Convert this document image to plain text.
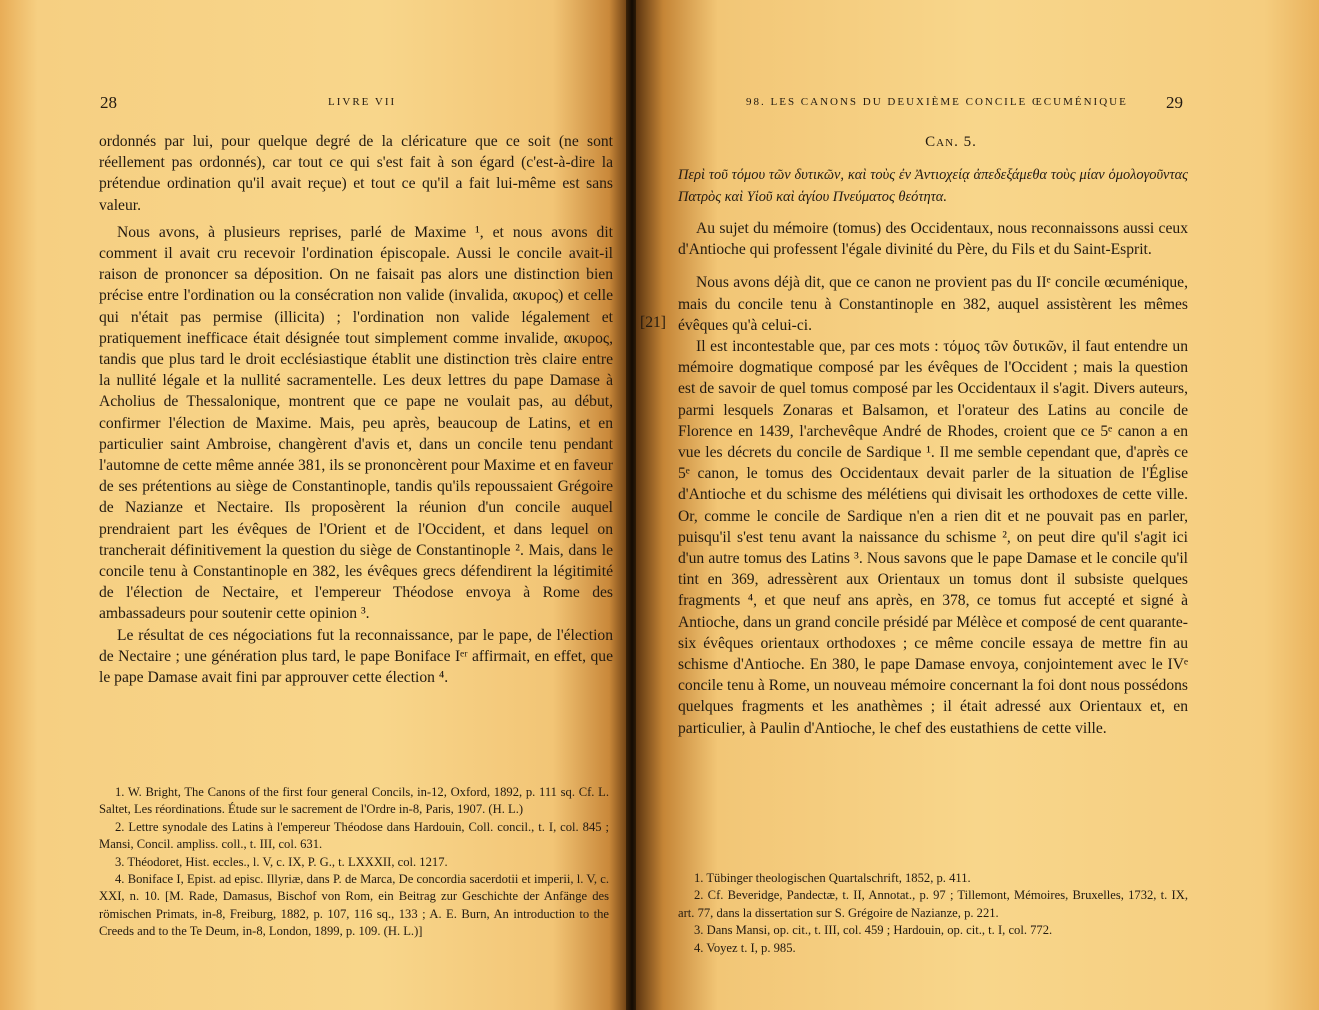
28	LIVRE VII

ordonnés par lui, pour quelque degré de la cléricature que ce soit (ne sont réellement pas ordonnés), car tout ce qui s'est fait à son égard (c'est-à-dire la prétendue ordination qu'il avait reçue) et tout ce qu'il a fait lui-même est sans valeur.

Nous avons, à plusieurs reprises, parlé de Maxime ¹, et nous avons dit comment il avait cru recevoir l'ordination épiscopale. Aussi le concile avait-il raison de prononcer sa déposition. On ne faisait pas alors une distinction bien précise entre l'ordination ou la consécration non valide (invalida, ακυρος) et celle qui n'était pas permise (illicita) ; l'ordination non valide légalement et pratiquement inefficace était désignée tout simplement comme invalide, ακυρος, tandis que plus tard le droit ecclésiastique établit une distinction très claire entre la nullité légale et la nullité sacramentelle. Les deux lettres du pape Damase à Acholius de Thessalonique, montrent que ce pape ne voulait pas, au début, confirmer l'élection de Maxime. Mais, peu après, beaucoup de Latins, et en particulier saint Ambroise, changèrent d'avis et, dans un concile tenu pendant l'automne de cette même année 381, ils se prononcèrent pour Maxime et en faveur de ses prétentions au siège de Constantinople, tandis qu'ils repoussaient Grégoire de Nazianze et Nectaire. Ils proposèrent la réunion d'un concile auquel prendraient part les évêques de l'Orient et de l'Occident, et dans lequel on trancherait définitivement la question du siège de Constantinople ². Mais, dans le concile tenu à Constantinople en 382, les évêques grecs défendirent la légitimité de l'élection de Nectaire, et l'empereur Théodose envoya à Rome des ambassadeurs pour soutenir cette opinion ³.

Le résultat de ces négociations fut la reconnaissance, par le pape, de l'élection de Nectaire ; une génération plus tard, le pape Boniface Iᵉʳ affirmait, en effet, que le pape Damase avait fini par approuver cette élection ⁴.

1. W. Bright, The Canons of the first four general Concils, in-12, Oxford, 1892, p. 111 sq. Cf. L. Saltet, Les réordinations. Étude sur le sacrement de l'Ordre in-8, Paris, 1907. (H. L.)

2. Lettre synodale des Latins à l'empereur Théodose dans Hardouin, Coll. concil., t. I, col. 845 ; Mansi, Concil. ampliss. coll., t. III, col. 631.

3. Théodoret, Hist. eccles., l. V, c. IX, P. G., t. LXXXII, col. 1217.

4. Boniface I, Epist. ad episc. Illyriæ, dans P. de Marca, De concordia sacerdotii et imperii, l. V, c. XXI, n. 10. [M. Rade, Damasus, Bischof von Rom, ein Beitrag zur Geschichte der Anfänge des römischen Primats, in-8, Freiburg, 1882, p. 107, 116 sq., 133 ; A. E. Burn, An introduction to the Creeds and to the Te Deum, in-8, London, 1899, p. 109. (H. L.)]

98. LES CANONS DU DEUXIÈME CONCILE ŒCUMÉNIQUE 29
Can. 5.
Περὶ τοῦ τόμου τῶν δυτικῶν, καὶ τοὺς ἐν Ἀντιοχείᾳ ἀπεδεξάμεθα τοὺς μίαν ὁμολογοῦντας Πατρὸς καὶ Υἱοῦ καὶ ἁγίου Πνεύματος θεότητα.

Au sujet du mémoire (tomus) des Occidentaux, nous reconnaissons aussi ceux d'Antioche qui professent l'égale divinité du Père, du Fils et du Saint-Esprit.

Nous avons déjà dit, que ce canon ne provient pas du IIᵉ concile œcuménique, mais du concile tenu à Constantinople en 382, auquel assistèrent les mêmes évêques qu'à celui-ci.

Il est incontestable que, par ces mots : τόμος τῶν δυτικῶν, il faut entendre un mémoire dogmatique composé par les évêques de l'Occident ; mais la question est de savoir de quel tomus composé par les Occidentaux il s'agit. Divers auteurs, parmi lesquels Zonaras et Balsamon, et l'orateur des Latins au concile de Florence en 1439, l'archevêque André de Rhodes, croient que ce 5ᵉ canon a en vue les décrets du concile de Sardique ¹. Il me semble cependant que, d'après ce 5ᵉ canon, le tomus des Occidentaux devait parler de la situation de l'Église d'Antioche et du schisme des mélétiens qui divisait les orthodoxes de cette ville. Or, comme le concile de Sardique n'en a rien dit et ne pouvait pas en parler, puisqu'il s'est tenu avant la naissance du schisme ², on peut dire qu'il s'agit ici d'un autre tomus des Latins ³. Nous savons que le pape Damase et le concile qu'il tint en 369, adressèrent aux Orientaux un tomus dont il subsiste quelques fragments ⁴, et que neuf ans après, en 378, ce tomus fut accepté et signé à Antioche, dans un grand concile présidé par Mélèce et composé de cent quarante-six évêques orientaux orthodoxes ; ce même concile essaya de mettre fin au schisme d'Antioche. En 380, le pape Damase envoya, conjointement avec le IVᵉ concile tenu à Rome, un nouveau mémoire concernant la foi dont nous possédons quelques fragments et les anathèmes ; il était adressé aux Orientaux et, en particulier, à Paulin d'Antioche, le chef des eustathiens de cette ville.

1. Tübinger theologischen Quartalschrift, 1852, p. 411.

2. Cf. Beveridge, Pandectæ, t. II, Annotat., p. 97 ; Tillemont, Mémoires, Bruxelles, 1732, t. IX, art. 77, dans la dissertation sur S. Grégoire de Nazianze, p. 221.

3. Dans Mansi, op. cit., t. III, col. 459 ; Hardouin, op. cit., t. I, col. 772.

4. Voyez t. I, p. 985.

[21]
